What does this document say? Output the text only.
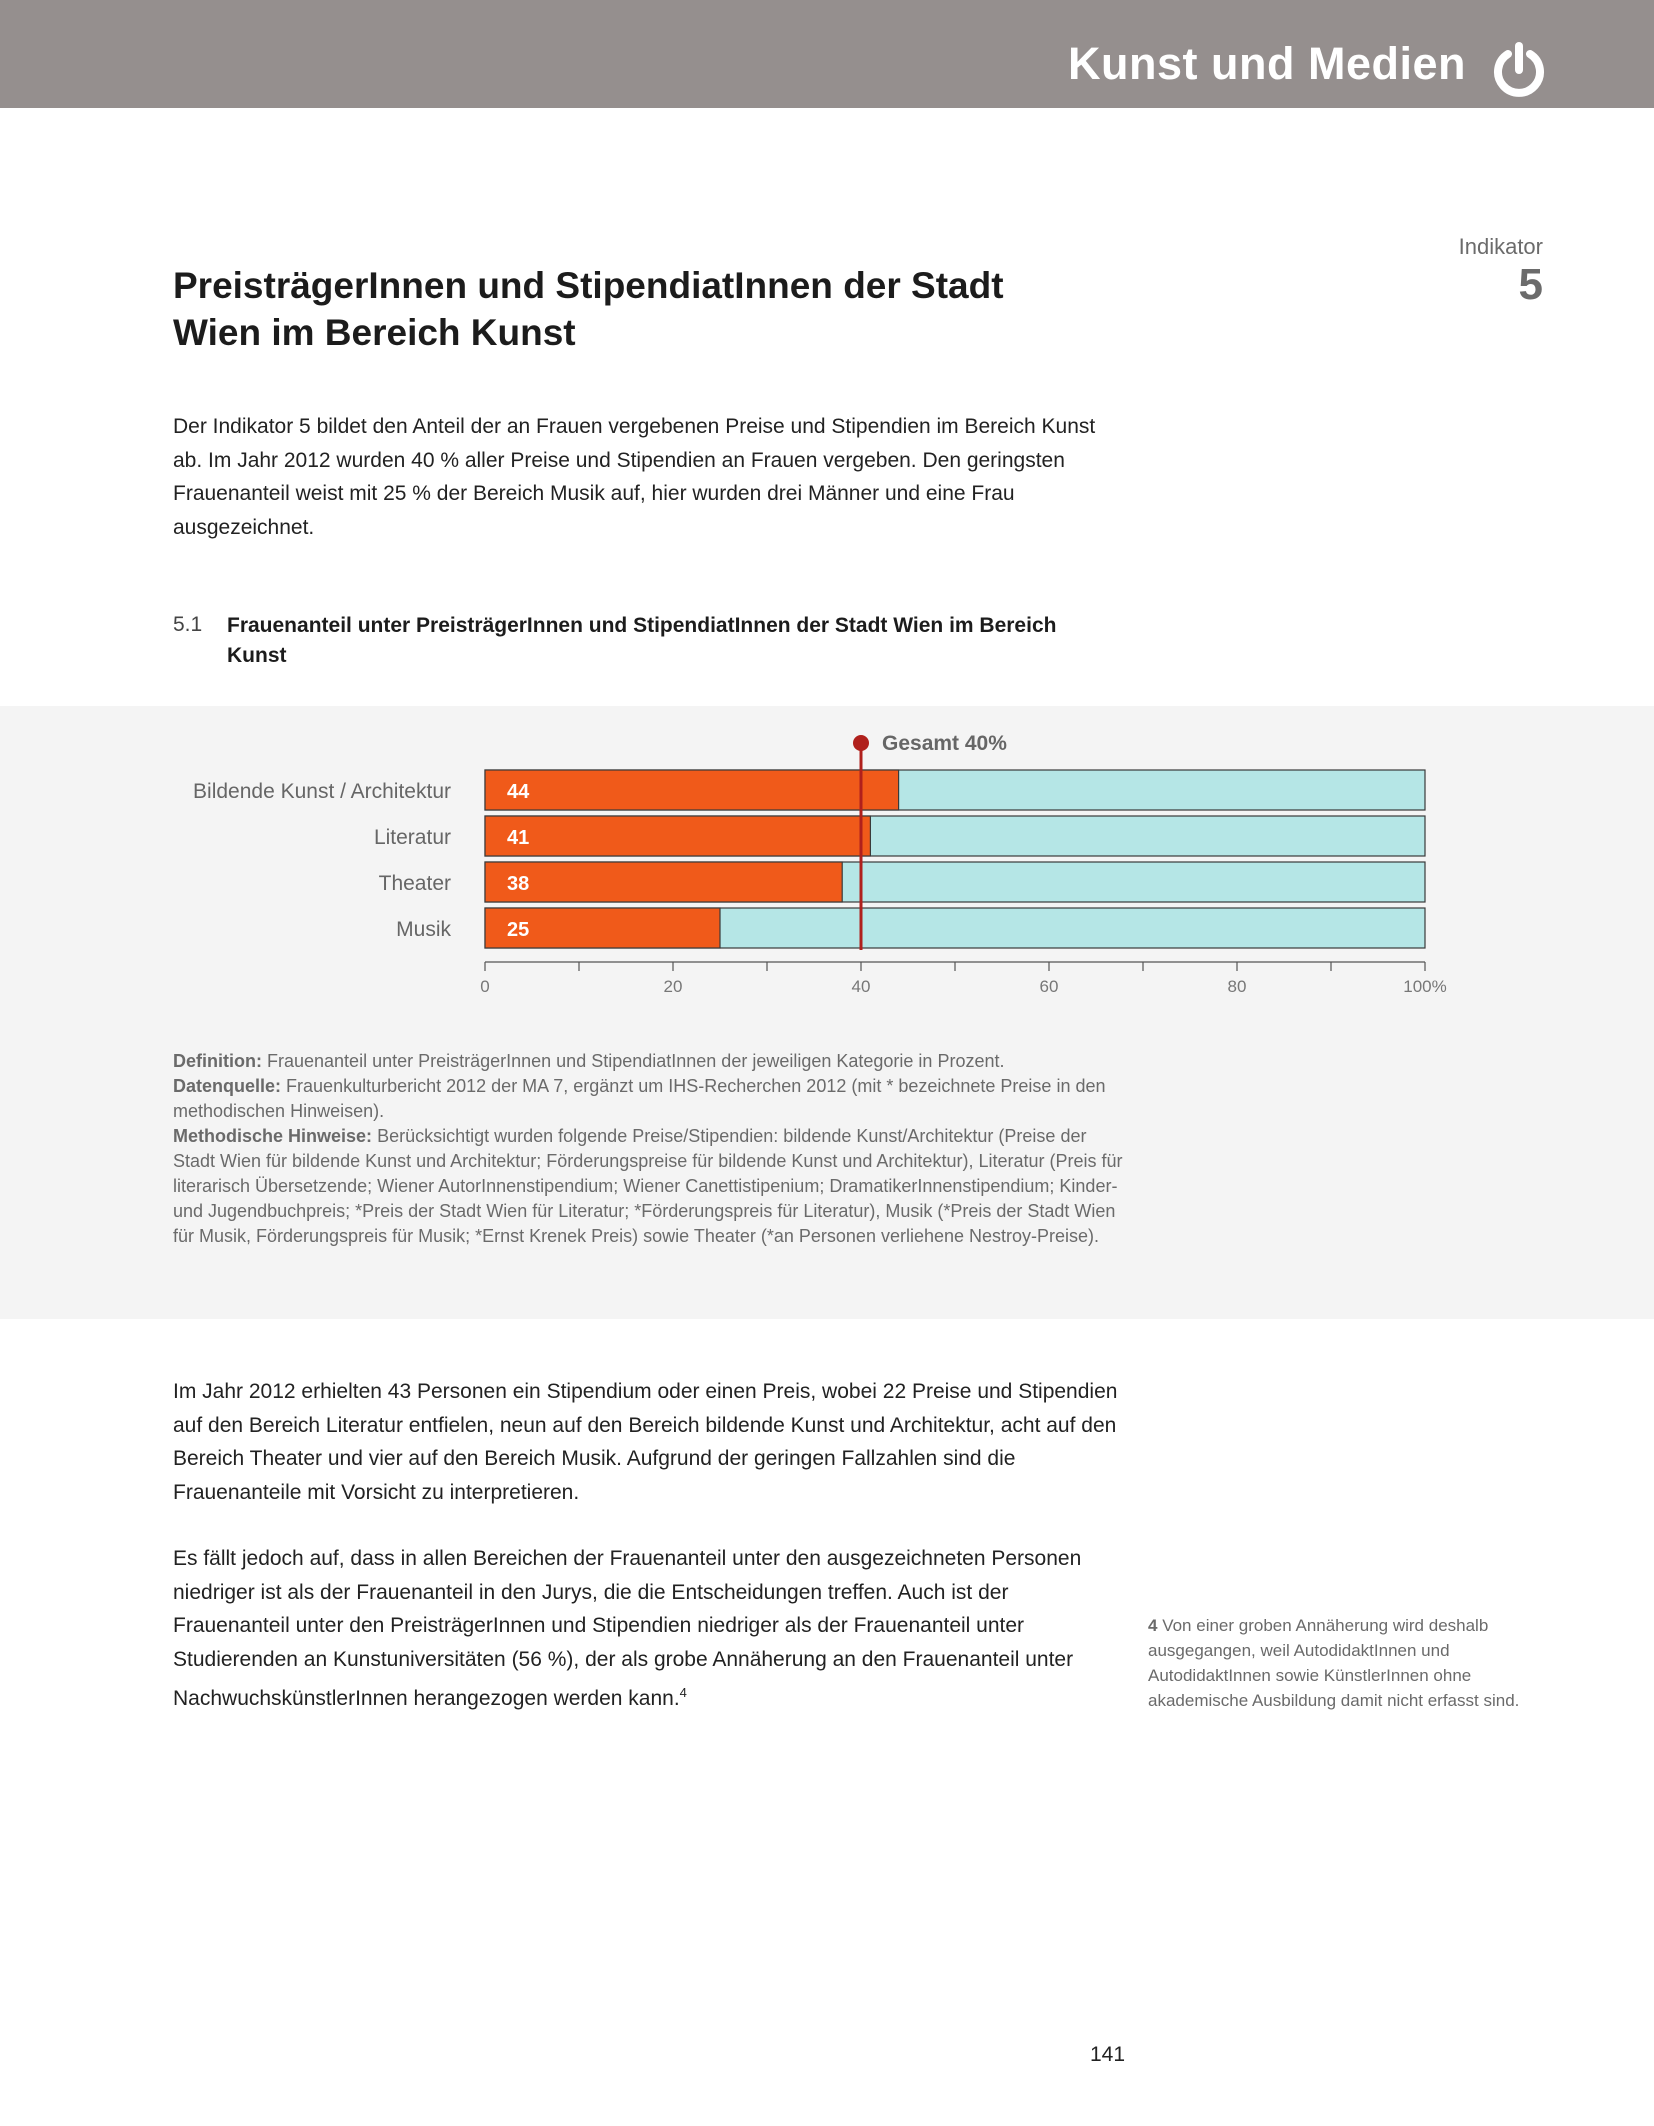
Kunst und Medien
Indikator
5
PreisträgerInnen und StipendiatInnen der Stadt Wien im Bereich Kunst
Der Indikator 5 bildet den Anteil der an Frauen vergebenen Preise und Stipendien im Bereich Kunst ab. Im Jahr 2012 wurden 40 % aller Preise und Stipendien an Frauen vergeben. Den geringsten Frauenanteil weist mit 25 % der Bereich Musik auf, hier wurden drei Männer und eine Frau ausgezeichnet.
5.1 Frauenanteil unter PreisträgerInnen und StipendiatInnen der Stadt Wien im Bereich Kunst
44
Bildende Kunst / Architektur
41
Literatur
38
Theater
25
Musik
0	20	40	60	80	100%
Gesamt 40%

Definition: Frauenanteil unter PreisträgerInnen und StipendiatInnen der jeweiligen Kategorie in Prozent.

Datenquelle: Frauenkulturbericht 2012 der MA 7, ergänzt um IHS-Recherchen 2012 (mit * bezeichnete Preise in den methodischen Hinweisen).

Methodische Hinweise: Berücksichtigt wurden folgende Preise/Stipendien: bildende Kunst/Architektur (Preise der Stadt Wien für bildende Kunst und Architektur; Förderungspreise für bildende Kunst und Architektur), Literatur (Preis für literarisch Übersetzende; Wiener AutorInnenstipendium; Wiener Canettistipenium; DramatikerInnenstipendium; Kinder- und Jugendbuchpreis; *Preis der Stadt Wien für Literatur; *Förderungspreis für Literatur), Musik (*Preis der Stadt Wien für Musik, Förderungspreis für Musik; *Ernst Krenek Preis) sowie Theater (*an Personen verliehene Nestroy-Preise).

Im Jahr 2012 erhielten 43 Personen ein Stipendium oder einen Preis, wobei 22 Preise und Stipendien auf den Bereich Literatur entfielen, neun auf den Bereich bildende Kunst und Architektur, acht auf den Bereich Theater und vier auf den Bereich Musik. Aufgrund der geringen Fallzahlen sind die Frauenanteile mit Vorsicht zu interpretieren.

Es fällt jedoch auf, dass in allen Bereichen der Frauenanteil unter den ausgezeichneten Personen niedriger ist als der Frauenanteil in den Jurys, die die Entscheidungen treffen. Auch ist der Frauenanteil unter den PreisträgerInnen und Stipendien niedriger als der Frauenanteil unter Studierenden an Kunstuniversitäten (56 %), der als grobe Annäherung an den Frauenanteil unter NachwuchskünstlerInnen herangezogen werden kann.$^4$

4 Von einer groben Annäherung wird deshalb ausgegangen, weil AutodidaktInnen und AutodidaktInnen sowie KünstlerInnen ohne akademische Ausbildung damit nicht erfasst sind.
141
